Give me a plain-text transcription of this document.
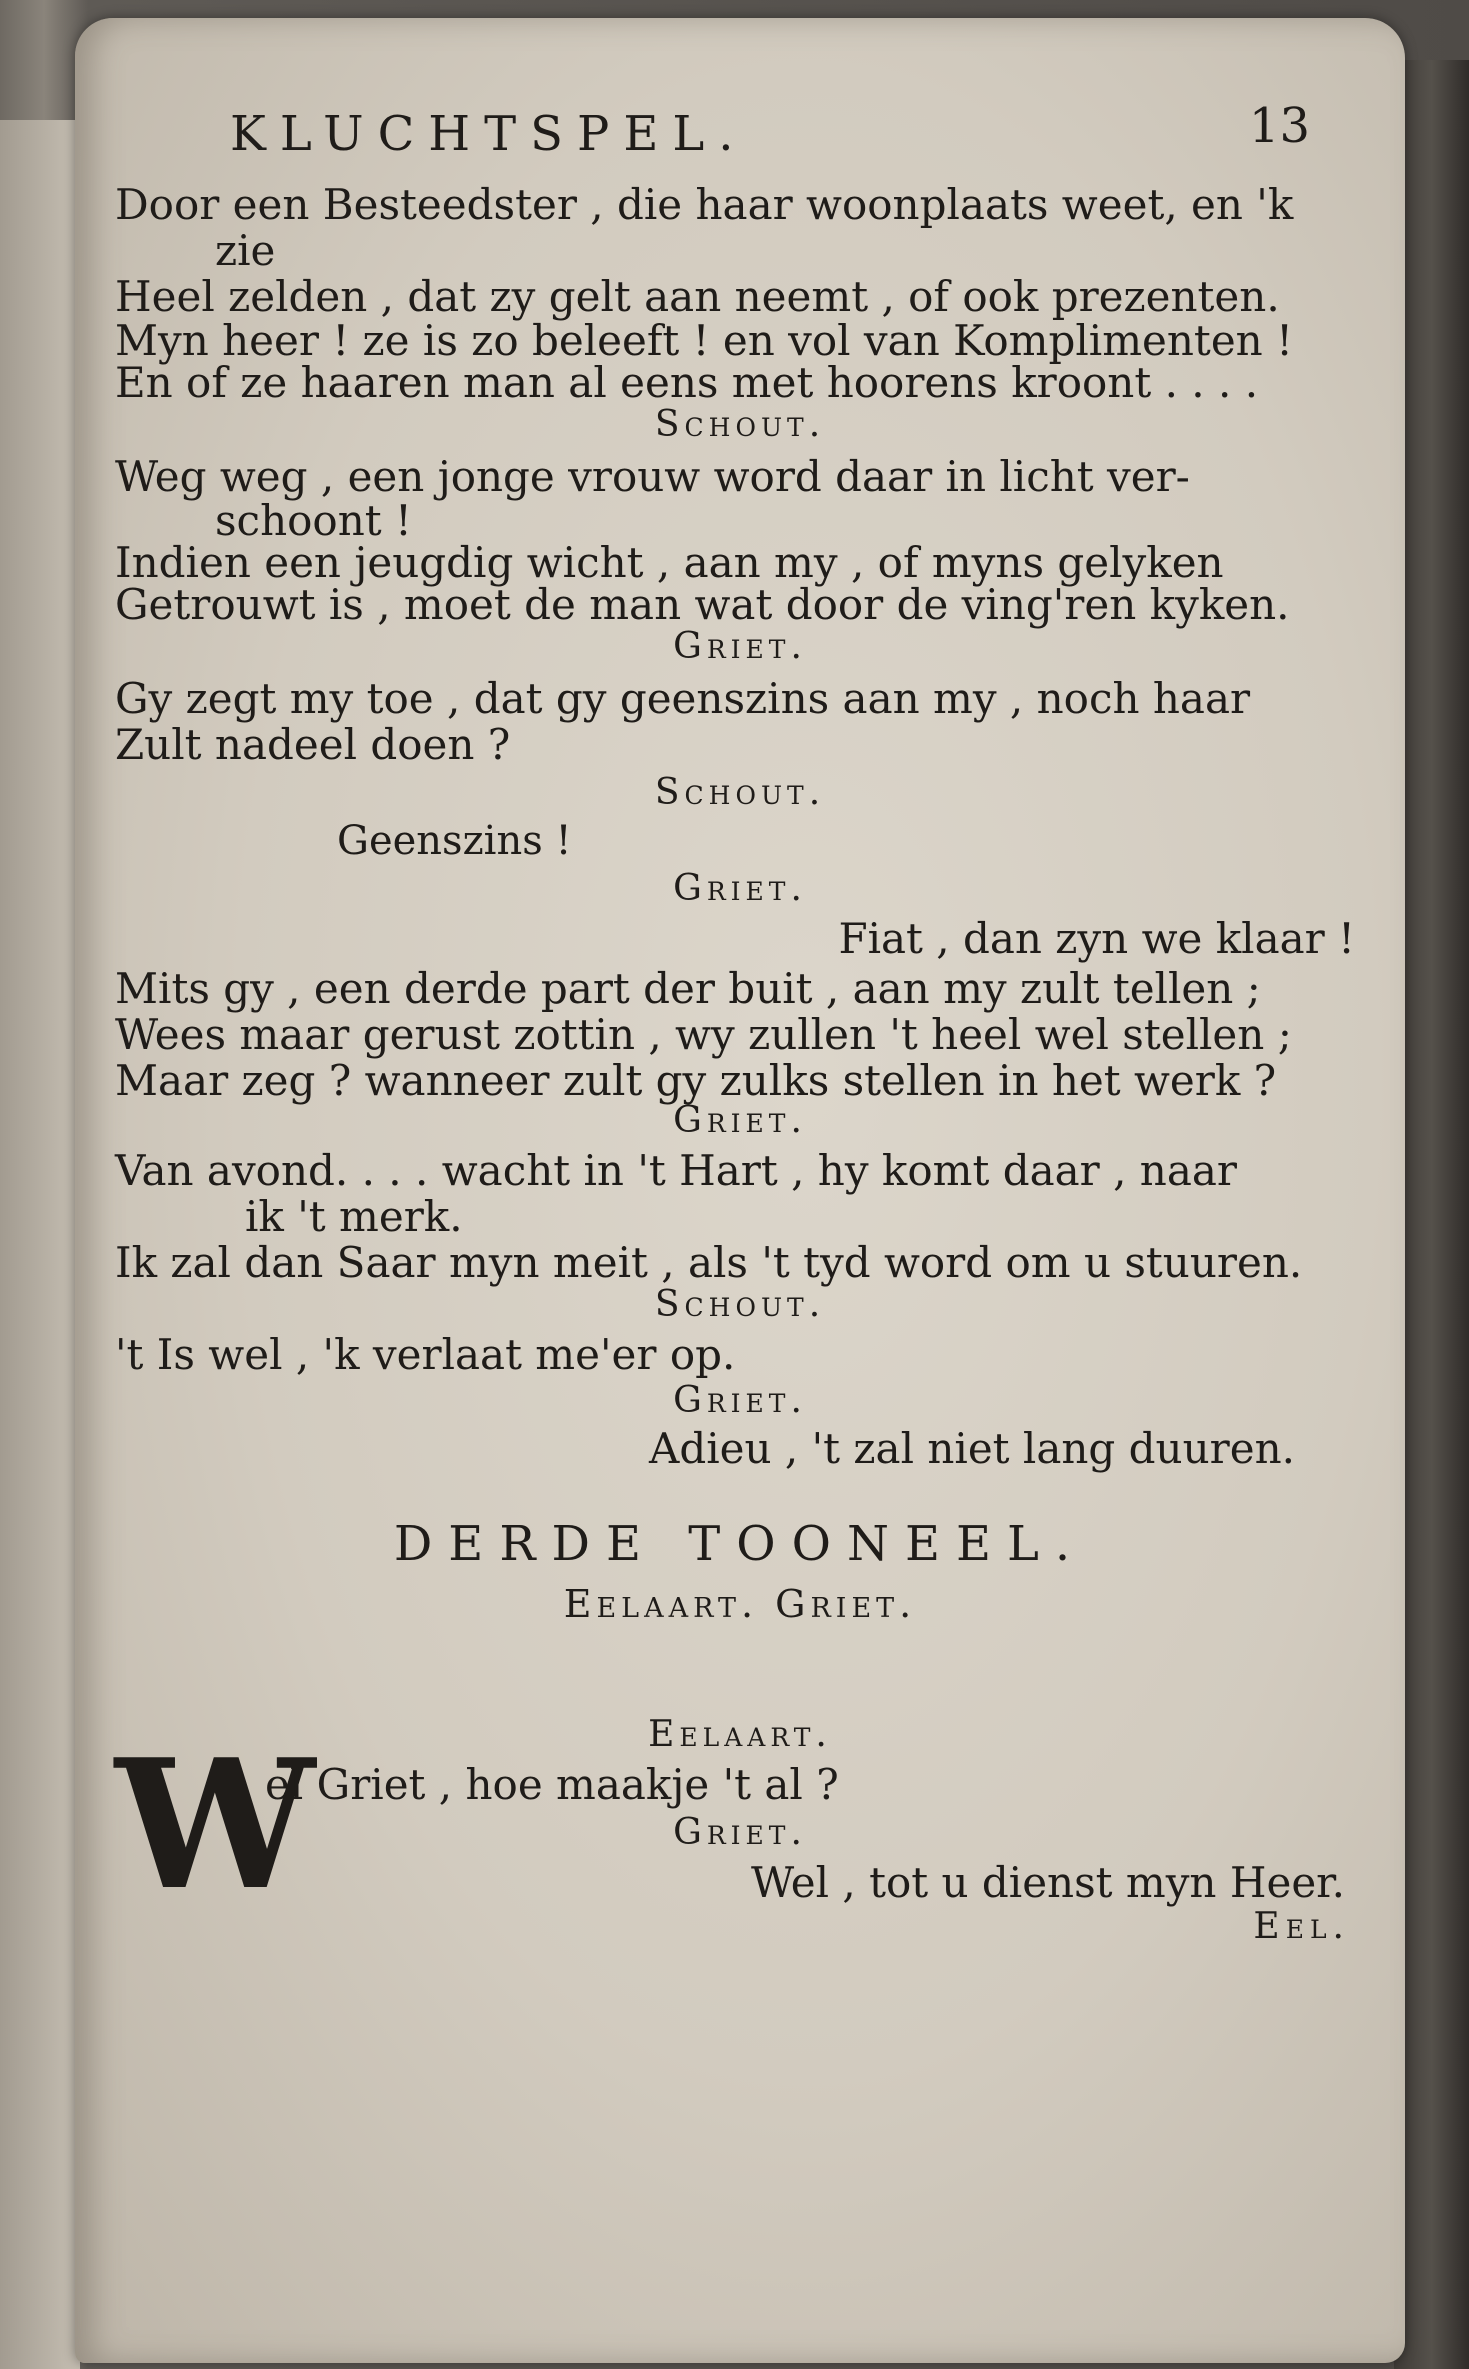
KLUCHTSPEL.	13
Door een Besteedster , die haar woonplaats weet, en 'k
zie
Heel zelden , dat zy gelt aan neemt , of ook prezenten.
Myn heer ! ze is zo beleeft ! en vol van Komplimenten !
En of ze haaren man al eens met hoorens kroont . . . .
Schout.
Weg weg , een jonge vrouw word daar in licht ver-
schoont !
Indien een jeugdig wicht , aan my , of myns gelyken
Getrouwt is , moet de man wat door de ving'ren kyken.
Griet.
Gy zegt my toe , dat gy geenszins aan my , noch haar
Zult nadeel doen ?
Schout.
Geenszins !
Griet.
Fiat , dan zyn we klaar !
Mits gy , een derde part der buit , aan my zult tellen ;
Wees maar gerust zottin , wy zullen 't heel wel stellen ;
Maar zeg ? wanneer zult gy zulks stellen in het werk ?
Griet.
Van avond. . . . wacht in 't Hart , hy komt daar , naar
ik 't merk.
Ik zal dan Saar myn meit , als 't tyd word om u stuuren.
Schout.
't Is wel , 'k verlaat me'er op.
Griet.
Adieu , 't zal niet lang duuren.
DERDE TOONEEL.
Eelaart. Griet.
Eelaart.
W
el Griet , hoe maakje 't al ?
Griet.
Wel , tot u dienst myn Heer.
Eel.
